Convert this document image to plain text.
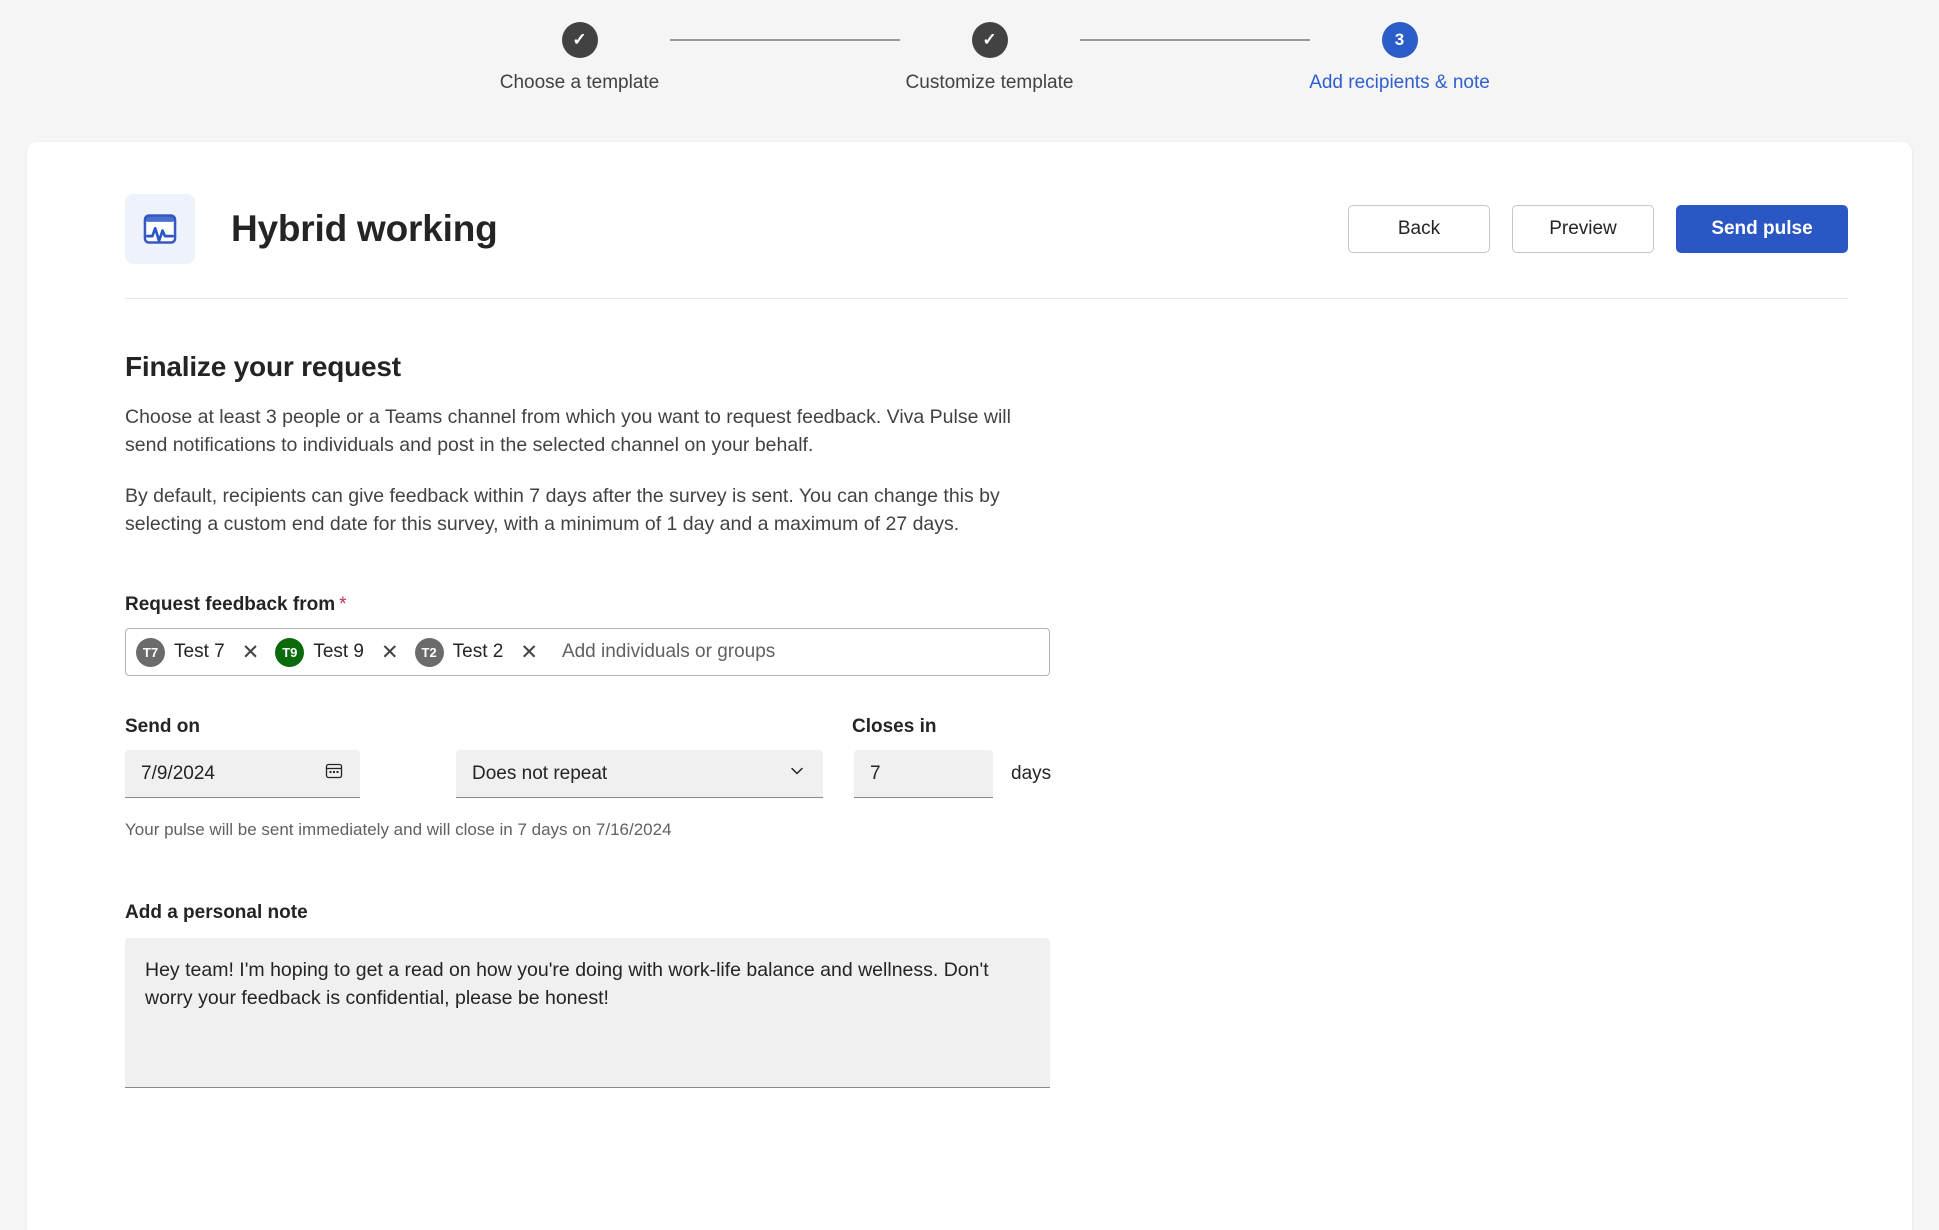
✓
Choose a template
✓
Customize template
3
Add recipients & note
Hybrid working	Back	Preview	Send pulse
Finalize your request

Choose at least 3 people or a Teams channel from which you want to request feedback. Viva Pulse will send notifications to individuals and post in the selected channel on your behalf.

By default, recipients can give feedback within 7 days after the survey is sent. You can change this by selecting a custom end date for this survey, with a minimum of 1 day and a maximum of 27 days.

Request feedback from *
T7 Test 7 ✕	T9 Test 9 ✕	T2 Test 2 ✕
Add individuals or groups
Send on	Closes in
7/9/2024	Does not repeat	7	days
Your pulse will be sent immediately and will close in 7 days on 7/16/2024
Add a personal note
Hey team! I'm hoping to get a read on how you're doing with work-life balance and wellness. Don't worry your feedback is confidential, please be honest!
